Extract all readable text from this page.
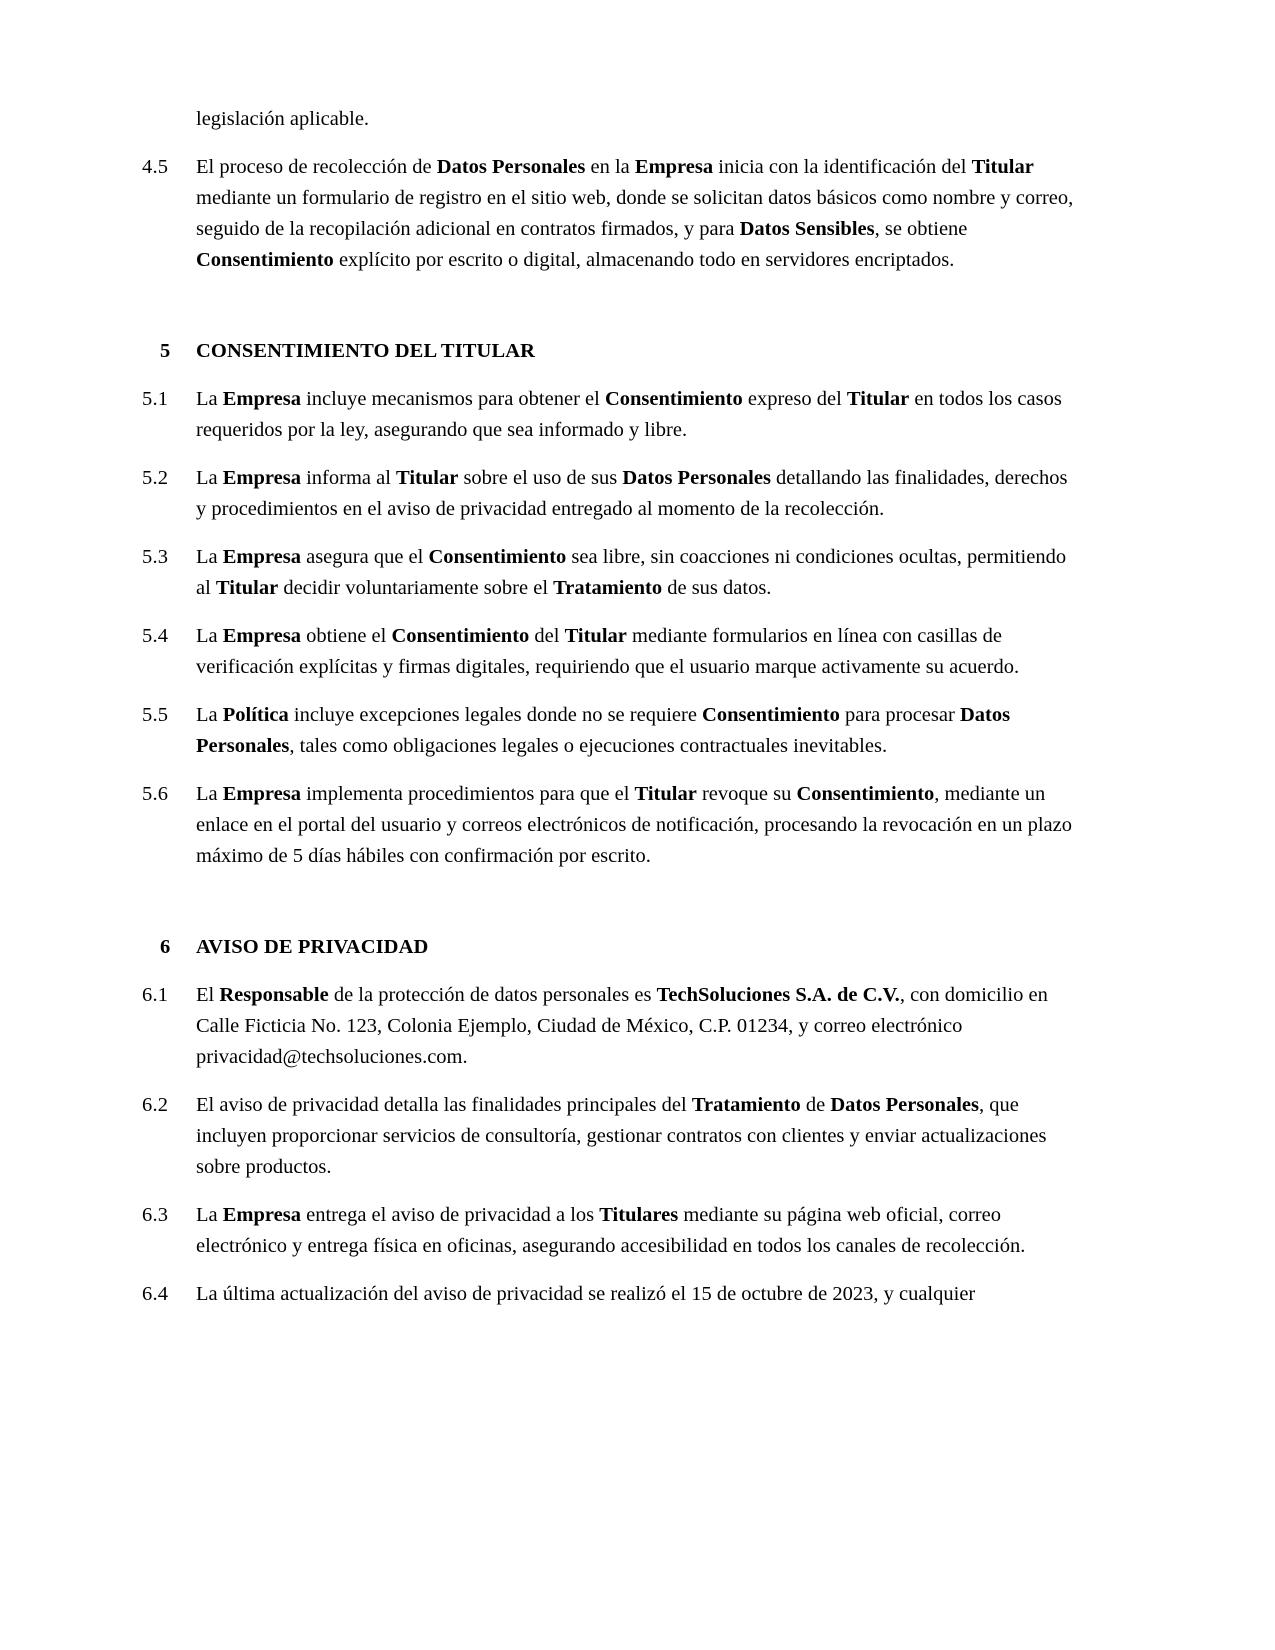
legislación aplicable.

4.5	El proceso de recolección de Datos Personales en la Empresa inicia con la identificación del Titular mediante un formulario de registro en el sitio web, donde se solicitan datos básicos como nombre y correo, seguido de la recopilación adicional en contratos firmados, y para Datos Sensibles, se obtiene Consentimiento explícito por escrito o digital, almacenando todo en servidores encriptados.
5	CONSENTIMIENTO DEL TITULAR
5.1	La Empresa incluye mecanismos para obtener el Consentimiento expreso del Titular en todos los casos requeridos por la ley, asegurando que sea informado y libre.
5.2	La Empresa informa al Titular sobre el uso de sus Datos Personales detallando las finalidades, derechos y procedimientos en el aviso de privacidad entregado al momento de la recolección.
5.3	La Empresa asegura que el Consentimiento sea libre, sin coacciones ni condiciones ocultas, permitiendo al Titular decidir voluntariamente sobre el Tratamiento de sus datos.
5.4	La Empresa obtiene el Consentimiento del Titular mediante formularios en línea con casillas de verificación explícitas y firmas digitales, requiriendo que el usuario marque activamente su acuerdo.
5.5	La Política incluye excepciones legales donde no se requiere Consentimiento para procesar Datos Personales, tales como obligaciones legales o ejecuciones contractuales inevitables.
5.6	La Empresa implementa procedimientos para que el Titular revoque su Consentimiento, mediante un enlace en el portal del usuario y correos electrónicos de notificación, procesando la revocación en un plazo máximo de 5 días hábiles con confirmación por escrito.
6	AVISO DE PRIVACIDAD
6.1	El Responsable de la protección de datos personales es TechSoluciones S.A. de C.V., con domicilio en Calle Ficticia No. 123, Colonia Ejemplo, Ciudad de México, C.P. 01234, y correo electrónico privacidad@techsoluciones.com.
6.2	El aviso de privacidad detalla las finalidades principales del Tratamiento de Datos Personales, que incluyen proporcionar servicios de consultoría, gestionar contratos con clientes y enviar actualizaciones sobre productos.
6.3	La Empresa entrega el aviso de privacidad a los Titulares mediante su página web oficial, correo electrónico y entrega física en oficinas, asegurando accesibilidad en todos los canales de recolección.
6.4	La última actualización del aviso de privacidad se realizó el 15 de octubre de 2023, y cualquier
